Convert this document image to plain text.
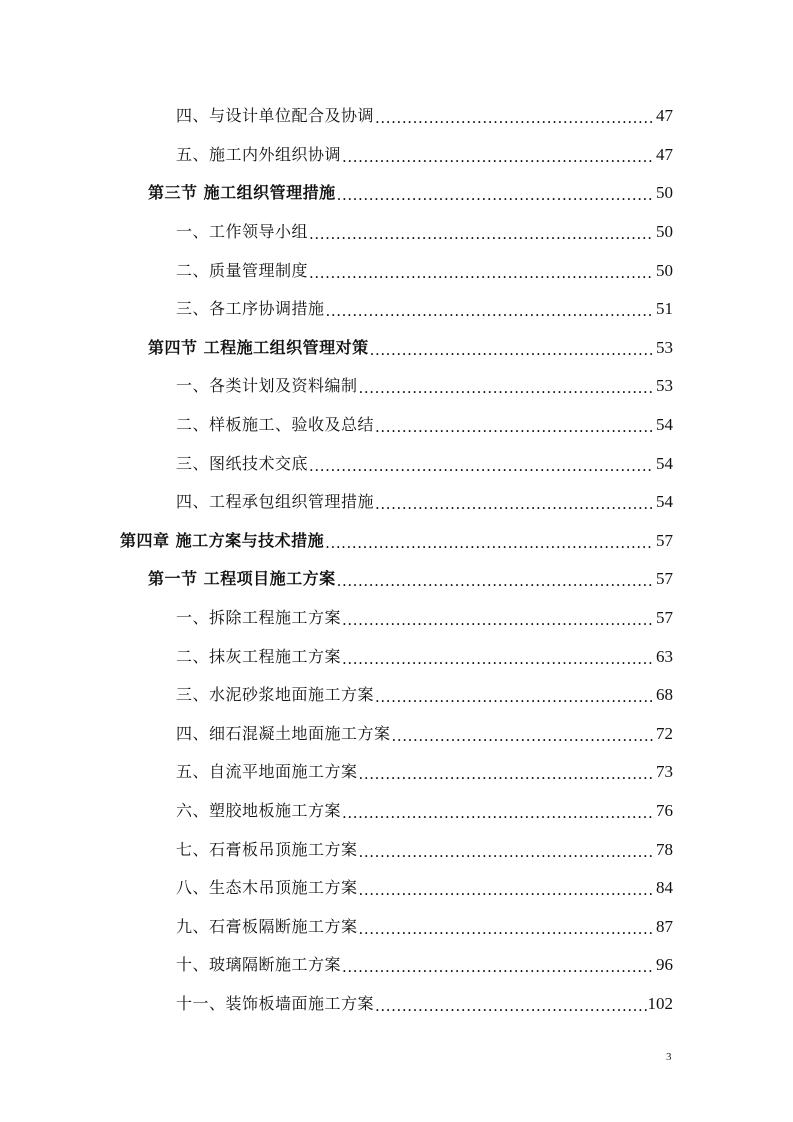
四、与设计单位配合及协调 .....	47
五、施工内外组织协调 .....	47
第三节 施工组织管理措施 .....	50
一、工作领导小组 .....	50
二、质量管理制度 .....	50
三、各工序协调措施 .....	51
第四节 工程施工组织管理对策 .....	53
一、各类计划及资料编制 .....	53
二、样板施工、验收及总结 .....	54
三、图纸技术交底 .....	54
四、工程承包组织管理措施 .....	54
第四章 施工方案与技术措施 .....	57
第一节 工程项目施工方案 .....	57
一、拆除工程施工方案 .....	57
二、抹灰工程施工方案 .....	63
三、水泥砂浆地面施工方案 .....	68
四、细石混凝土地面施工方案 .....	72
五、自流平地面施工方案 .....	73
六、塑胶地板施工方案 .....	76
七、石膏板吊顶施工方案 .....	78
八、生态木吊顶施工方案 .....	84
九、石膏板隔断施工方案 .....	87
十、玻璃隔断施工方案 .....	96
十一、装饰板墙面施工方案 .....	102
3
